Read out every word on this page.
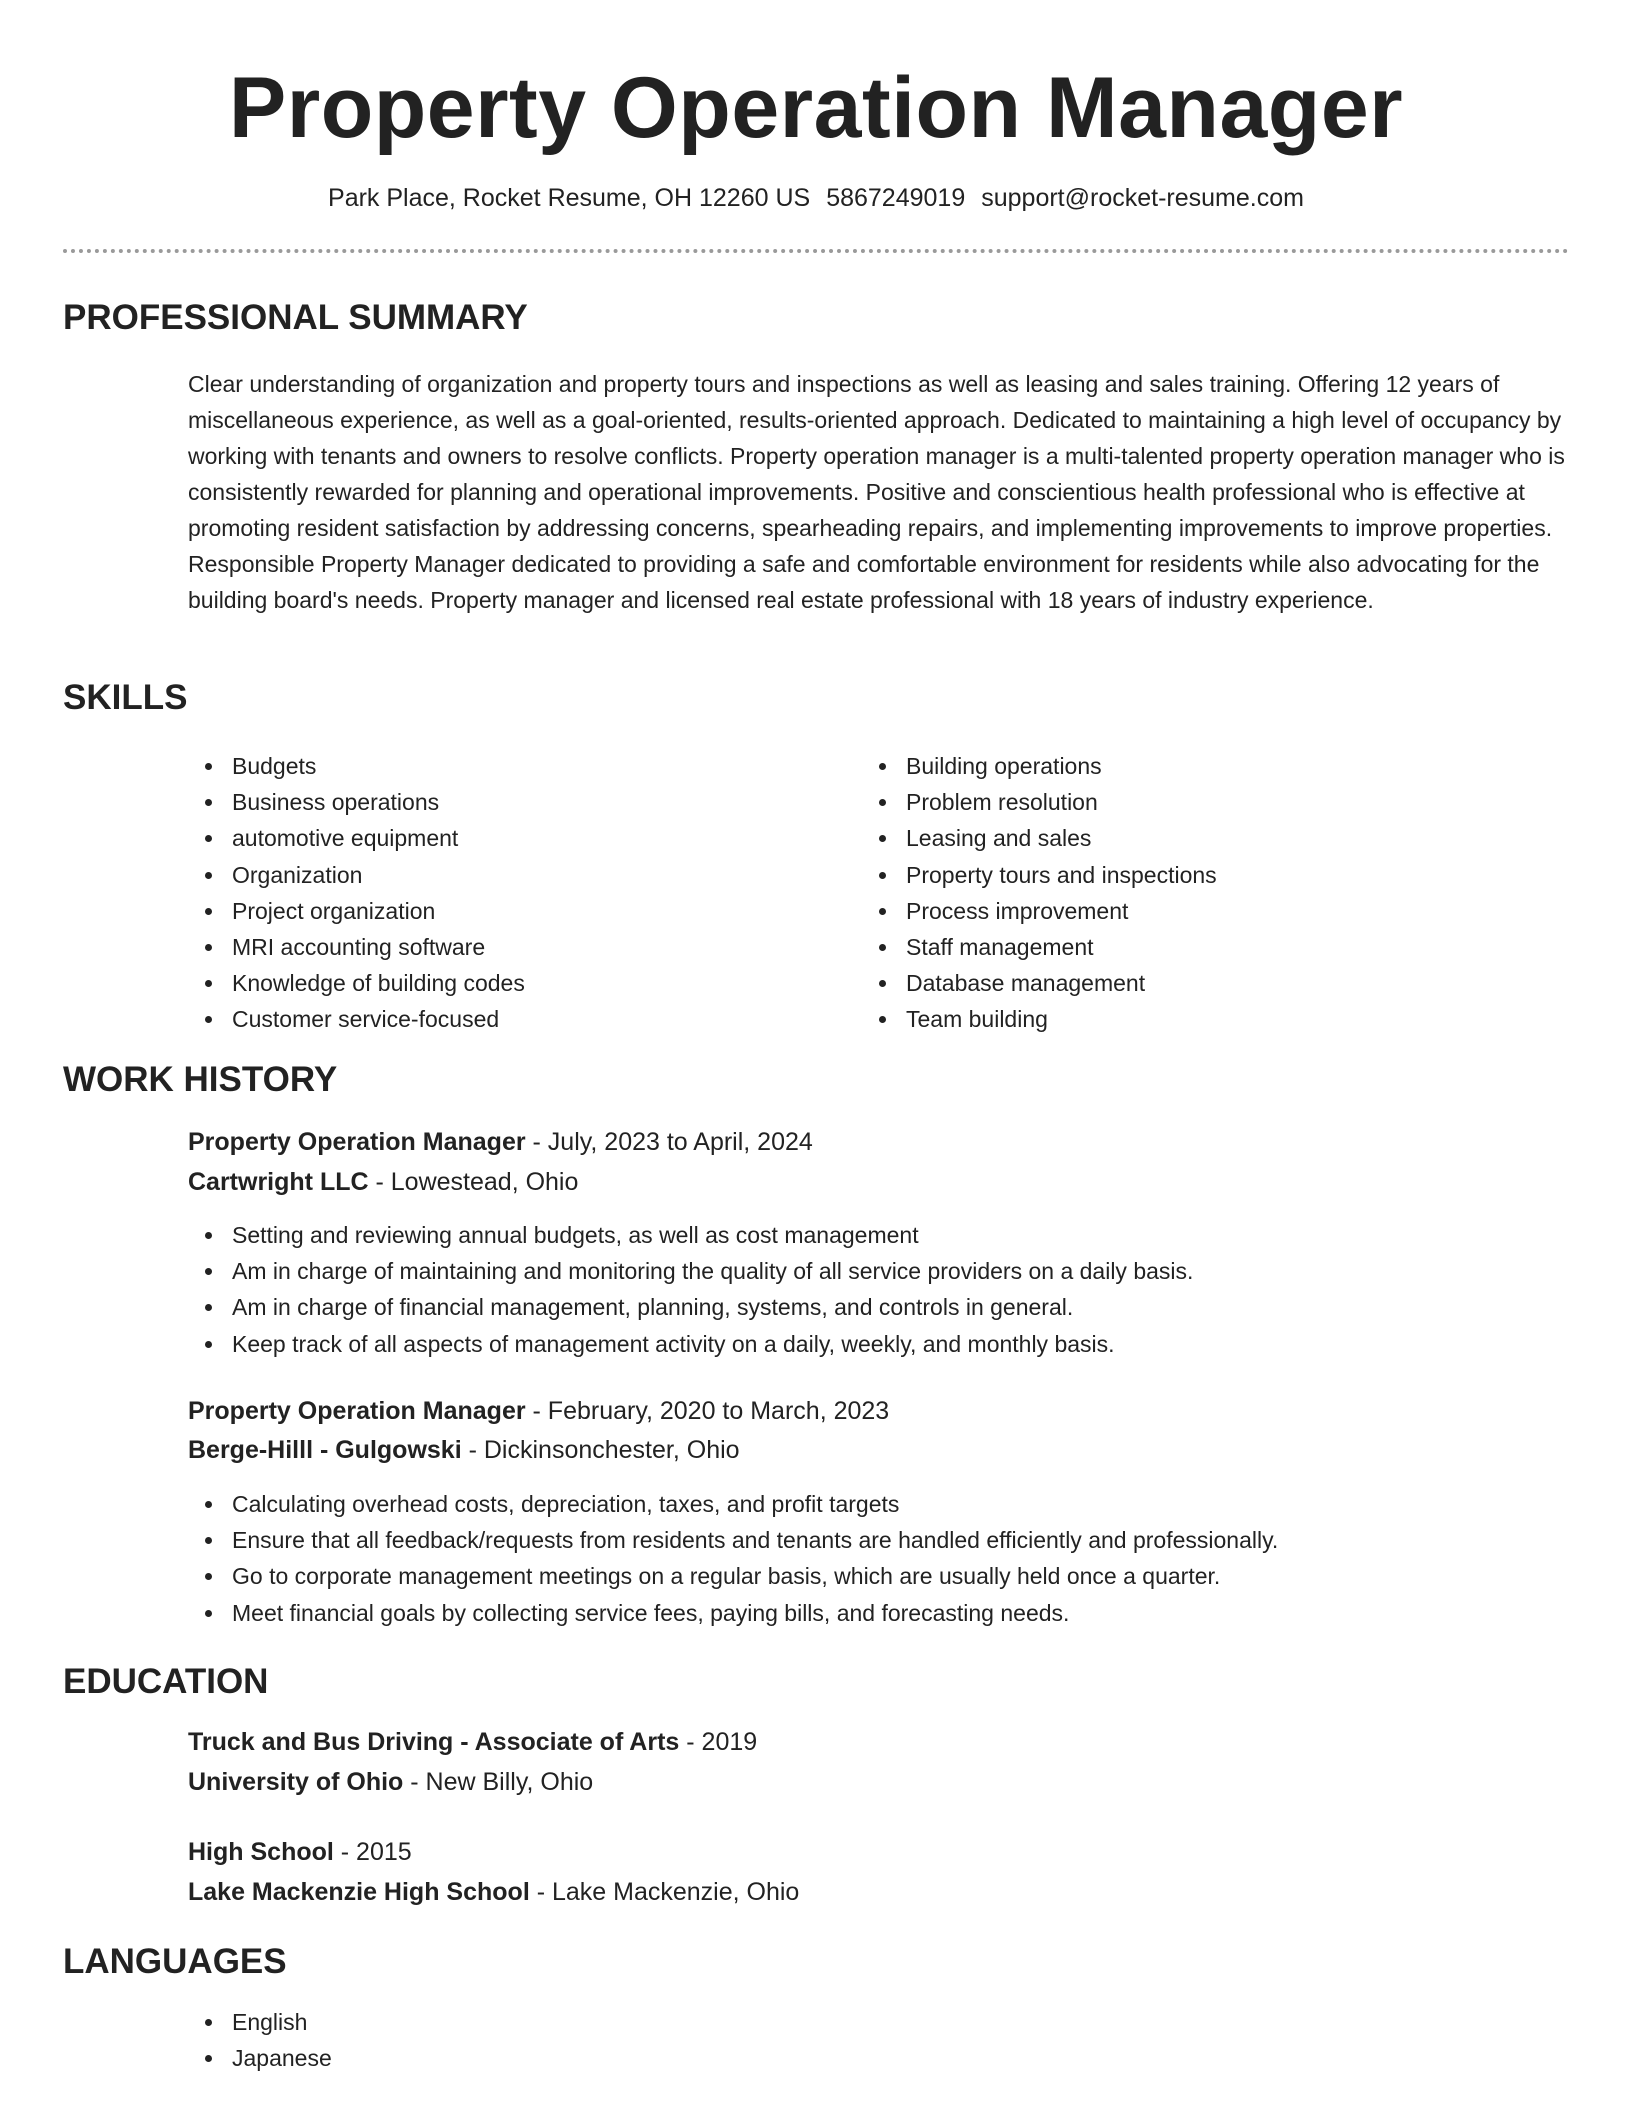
Property Operation Manager
Park Place, Rocket Resume, OH 12260 US 5867249019 support@rocket-resume.com
PROFESSIONAL SUMMARY
Clear understanding of organization and property tours and inspections as well as leasing and sales training. Offering 12 years of miscellaneous experience, as well as a goal-oriented, results-oriented approach. Dedicated to maintaining a high level of occupancy by working with tenants and owners to resolve conflicts. Property operation manager is a multi-talented property operation manager who is consistently rewarded for planning and operational improvements. Positive and conscientious health professional who is effective at promoting resident satisfaction by addressing concerns, spearheading repairs, and implementing improvements to improve properties. Responsible Property Manager dedicated to providing a safe and comfortable environment for residents while also advocating for the building board's needs. Property manager and licensed real estate professional with 18 years of industry experience.
SKILLS
Budgets
Business operations
automotive equipment
Organization
Project organization
MRI accounting software
Knowledge of building codes
Customer service-focused
Building operations
Problem resolution
Leasing and sales
Property tours and inspections
Process improvement
Staff management
Database management
Team building
WORK HISTORY
Property Operation Manager - July, 2023 to April, 2024
Cartwright LLC - Lowestead, Ohio
Setting and reviewing annual budgets, as well as cost management
Am in charge of maintaining and monitoring the quality of all service providers on a daily basis.
Am in charge of financial management, planning, systems, and controls in general.
Keep track of all aspects of management activity on a daily, weekly, and monthly basis.
Property Operation Manager - February, 2020 to March, 2023
Berge-Hilll - Gulgowski - Dickinsonchester, Ohio
Calculating overhead costs, depreciation, taxes, and profit targets
Ensure that all feedback/requests from residents and tenants are handled efficiently and professionally.
Go to corporate management meetings on a regular basis, which are usually held once a quarter.
Meet financial goals by collecting service fees, paying bills, and forecasting needs.
EDUCATION
Truck and Bus Driving - Associate of Arts - 2019
University of Ohio - New Billy, Ohio
High School - 2015
Lake Mackenzie High School - Lake Mackenzie, Ohio
LANGUAGES
English
Japanese
